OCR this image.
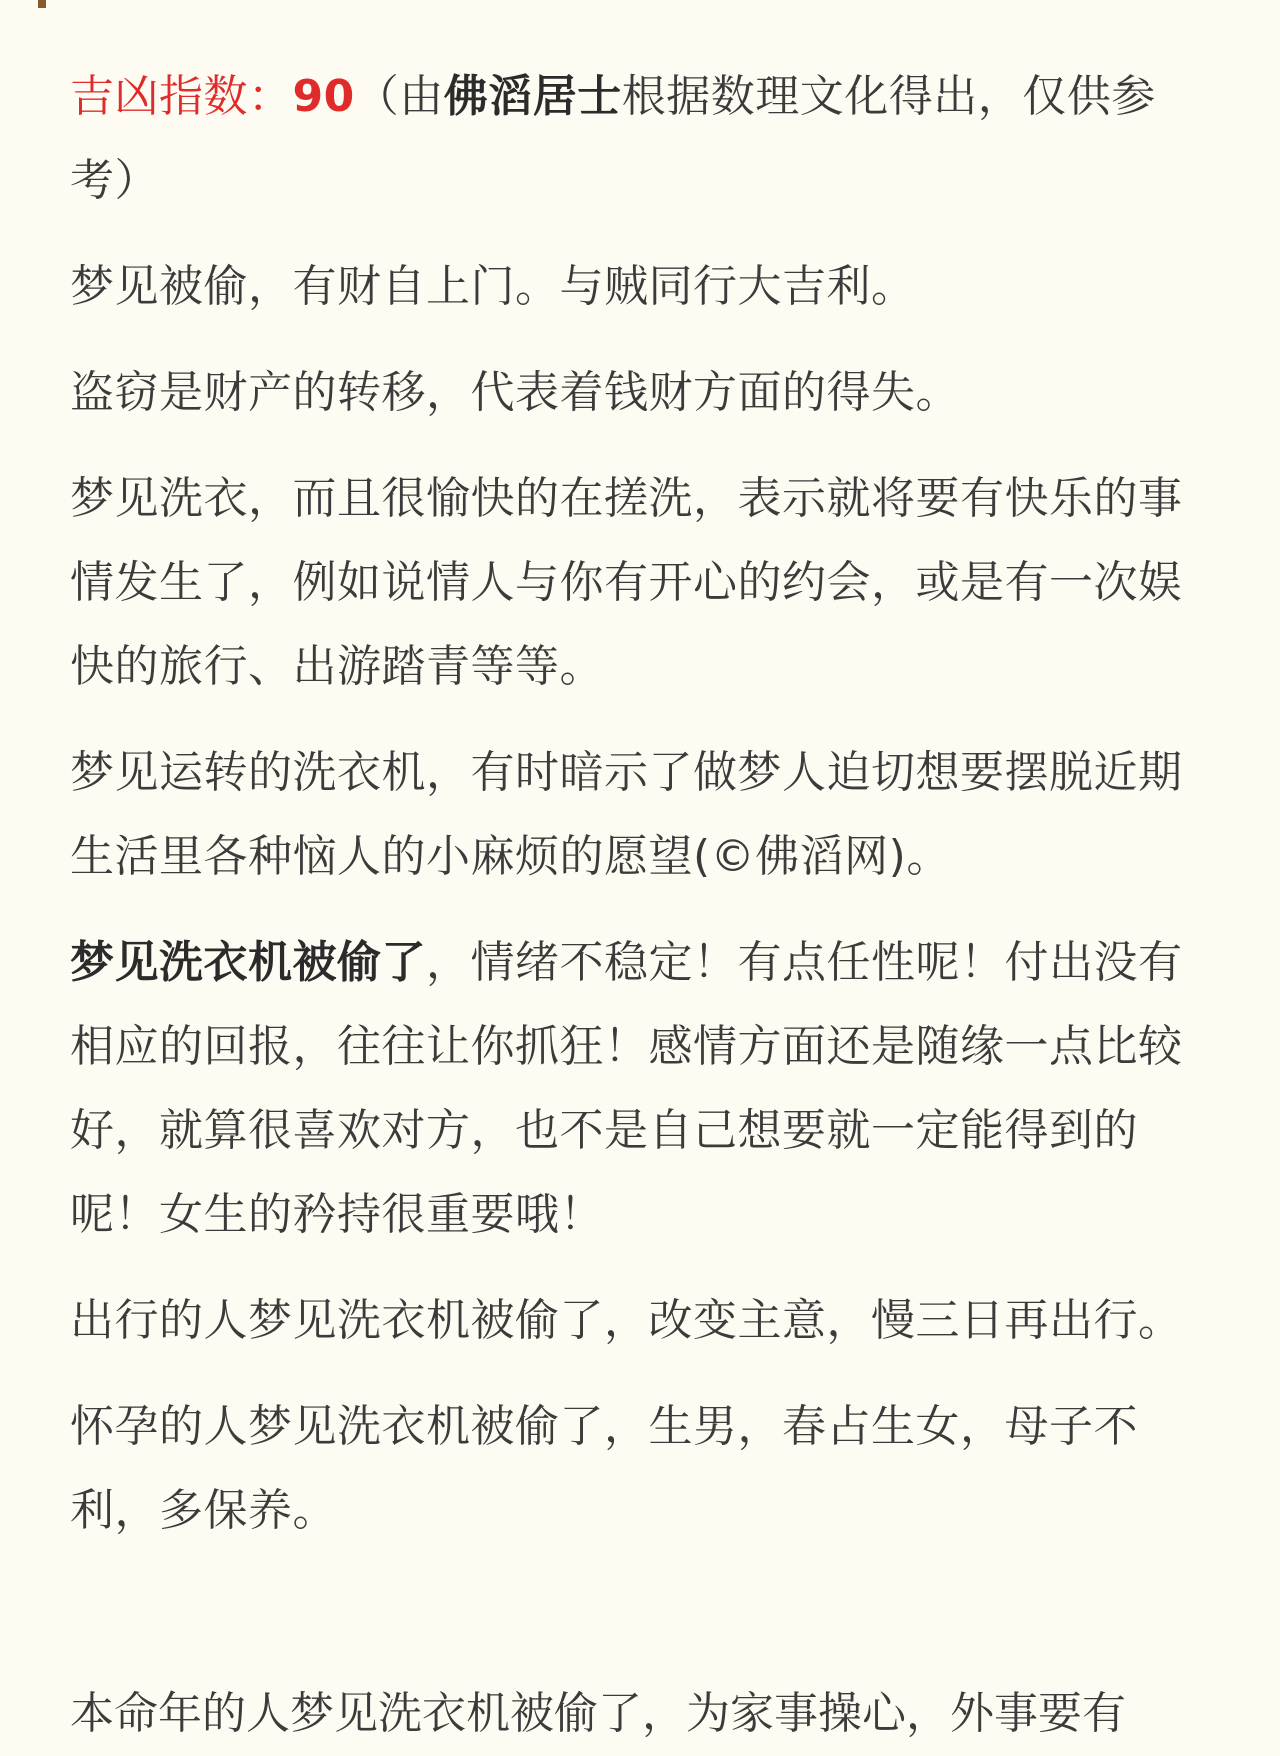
吉凶指数：90（由佛滔居士根据数理文化得出，仅供参考）

梦见被偷，有财自上门。与贼同行大吉利。

盗窃是财产的转移，代表着钱财方面的得失。

梦见洗衣，而且很愉快的在搓洗，表示就将要有快乐的事情发生了，例如说情人与你有开心的约会，或是有一次娱快的旅行、出游踏青等等。

梦见运转的洗衣机，有时暗示了做梦人迫切想要摆脱近期生活里各种恼人的小麻烦的愿望(©佛滔网)。

梦见洗衣机被偷了，情绪不稳定！有点任性呢！付出没有相应的回报，往往让你抓狂！感情方面还是随缘一点比较好，就算很喜欢对方，也不是自己想要就一定能得到的呢！女生的矜持很重要哦！

出行的人梦见洗衣机被偷了，改变主意，慢三日再出行。

怀孕的人梦见洗衣机被偷了，生男，春占生女，母子不利，多保养。

本命年的人梦见洗衣机被偷了，为家事操心，外事要有
